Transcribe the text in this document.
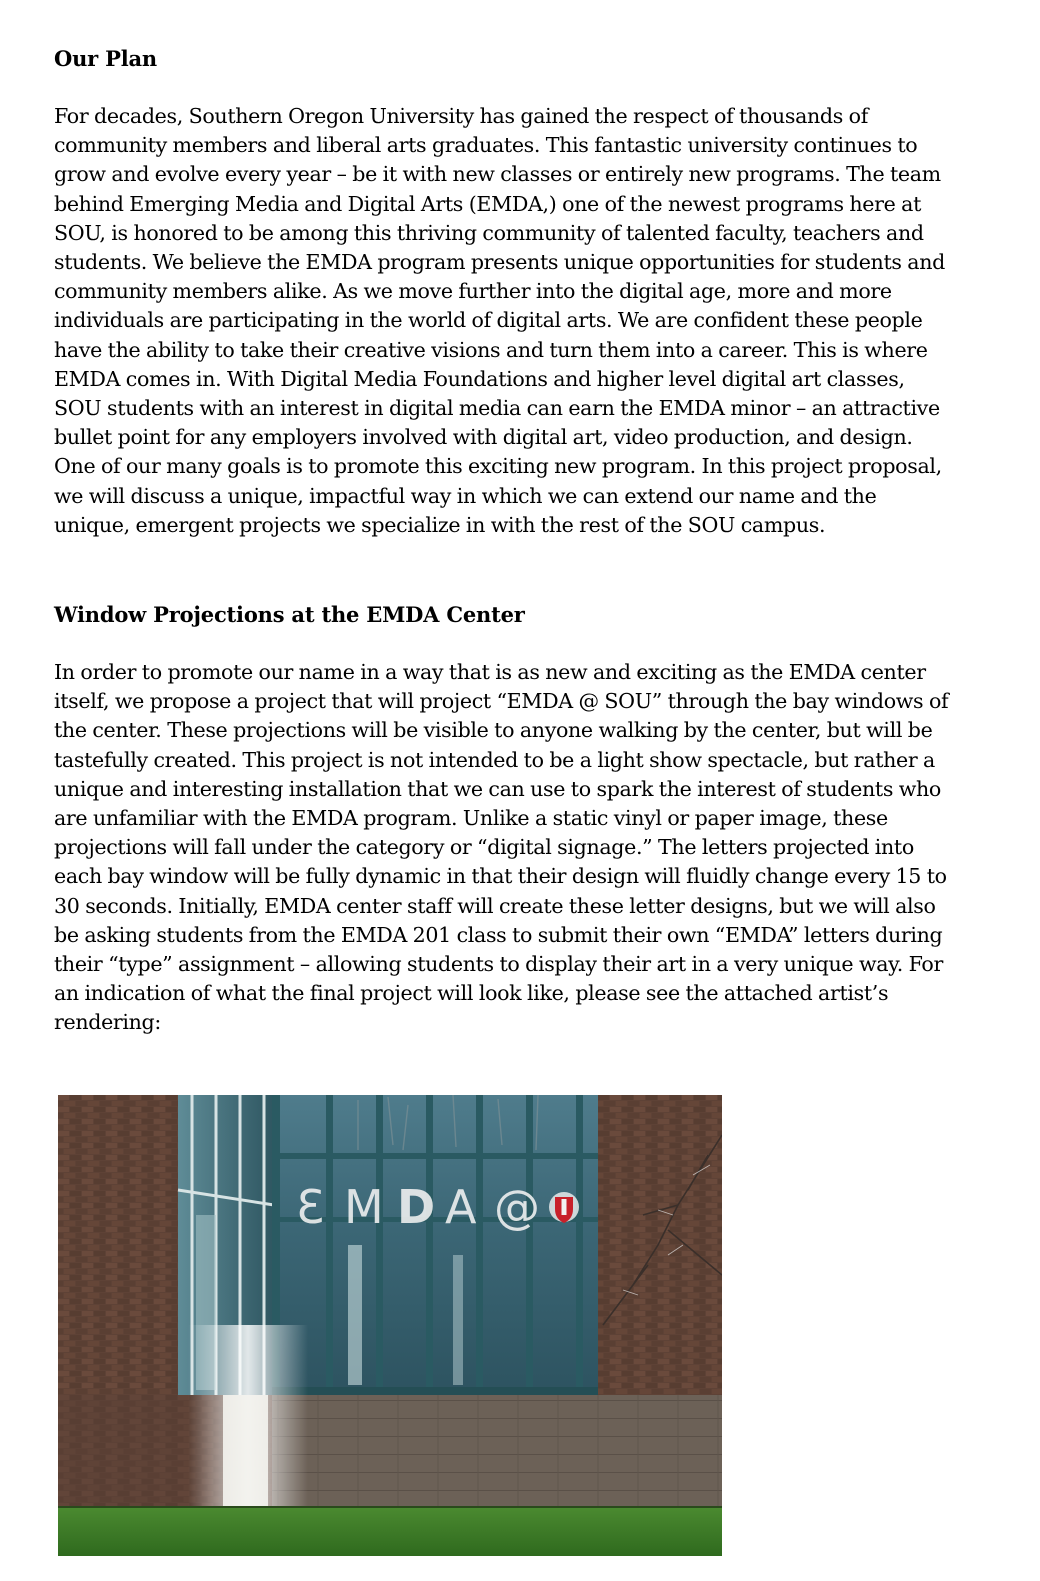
Our Plan

For decades, Southern Oregon University has gained the respect of thousands of community members and liberal arts graduates. This fantastic university continues to grow and evolve every year – be it with new classes or entirely new programs. The team behind Emerging Media and Digital Arts (EMDA,) one of the newest programs here at SOU, is honored to be among this thriving community of talented faculty, teachers and students. We believe the EMDA program presents unique opportunities for students and community members alike. As we move further into the digital age, more and more individuals are participating in the world of digital arts. We are confident these people have the ability to take their creative visions and turn them into a career. This is where EMDA comes in. With Digital Media Foundations and higher level digital art classes, SOU students with an interest in digital media can earn the EMDA minor – an attractive bullet point for any employers involved with digital art, video production, and design. One of our many goals is to promote this exciting new program. In this project proposal, we will discuss a unique, impactful way in which we can extend our name and the unique, emergent projects we specialize in with the rest of the SOU campus.

Window Projections at the EMDA Center

In order to promote our name in a way that is as new and exciting as the EMDA center itself, we propose a project that will project “EMDA @ SOU” through the bay windows of the center. These projections will be visible to anyone walking by the center, but will be tastefully created. This project is not intended to be a light show spectacle, but rather a unique and interesting installation that we can use to spark the interest of students who are unfamiliar with the EMDA program. Unlike a static vinyl or paper image, these projections will fall under the category or “digital signage.” The letters projected into each bay window will be fully dynamic in that their design will fluidly change every 15 to 30 seconds. Initially, EMDA center staff will create these letter designs, but we will also be asking students from the EMDA 201 class to submit their own “EMDA” letters during their “type” assignment – allowing students to display their art in a very unique way. For an indication of what the final project will look like, please see the attached artist’s rendering:

Ɛ M D A @
